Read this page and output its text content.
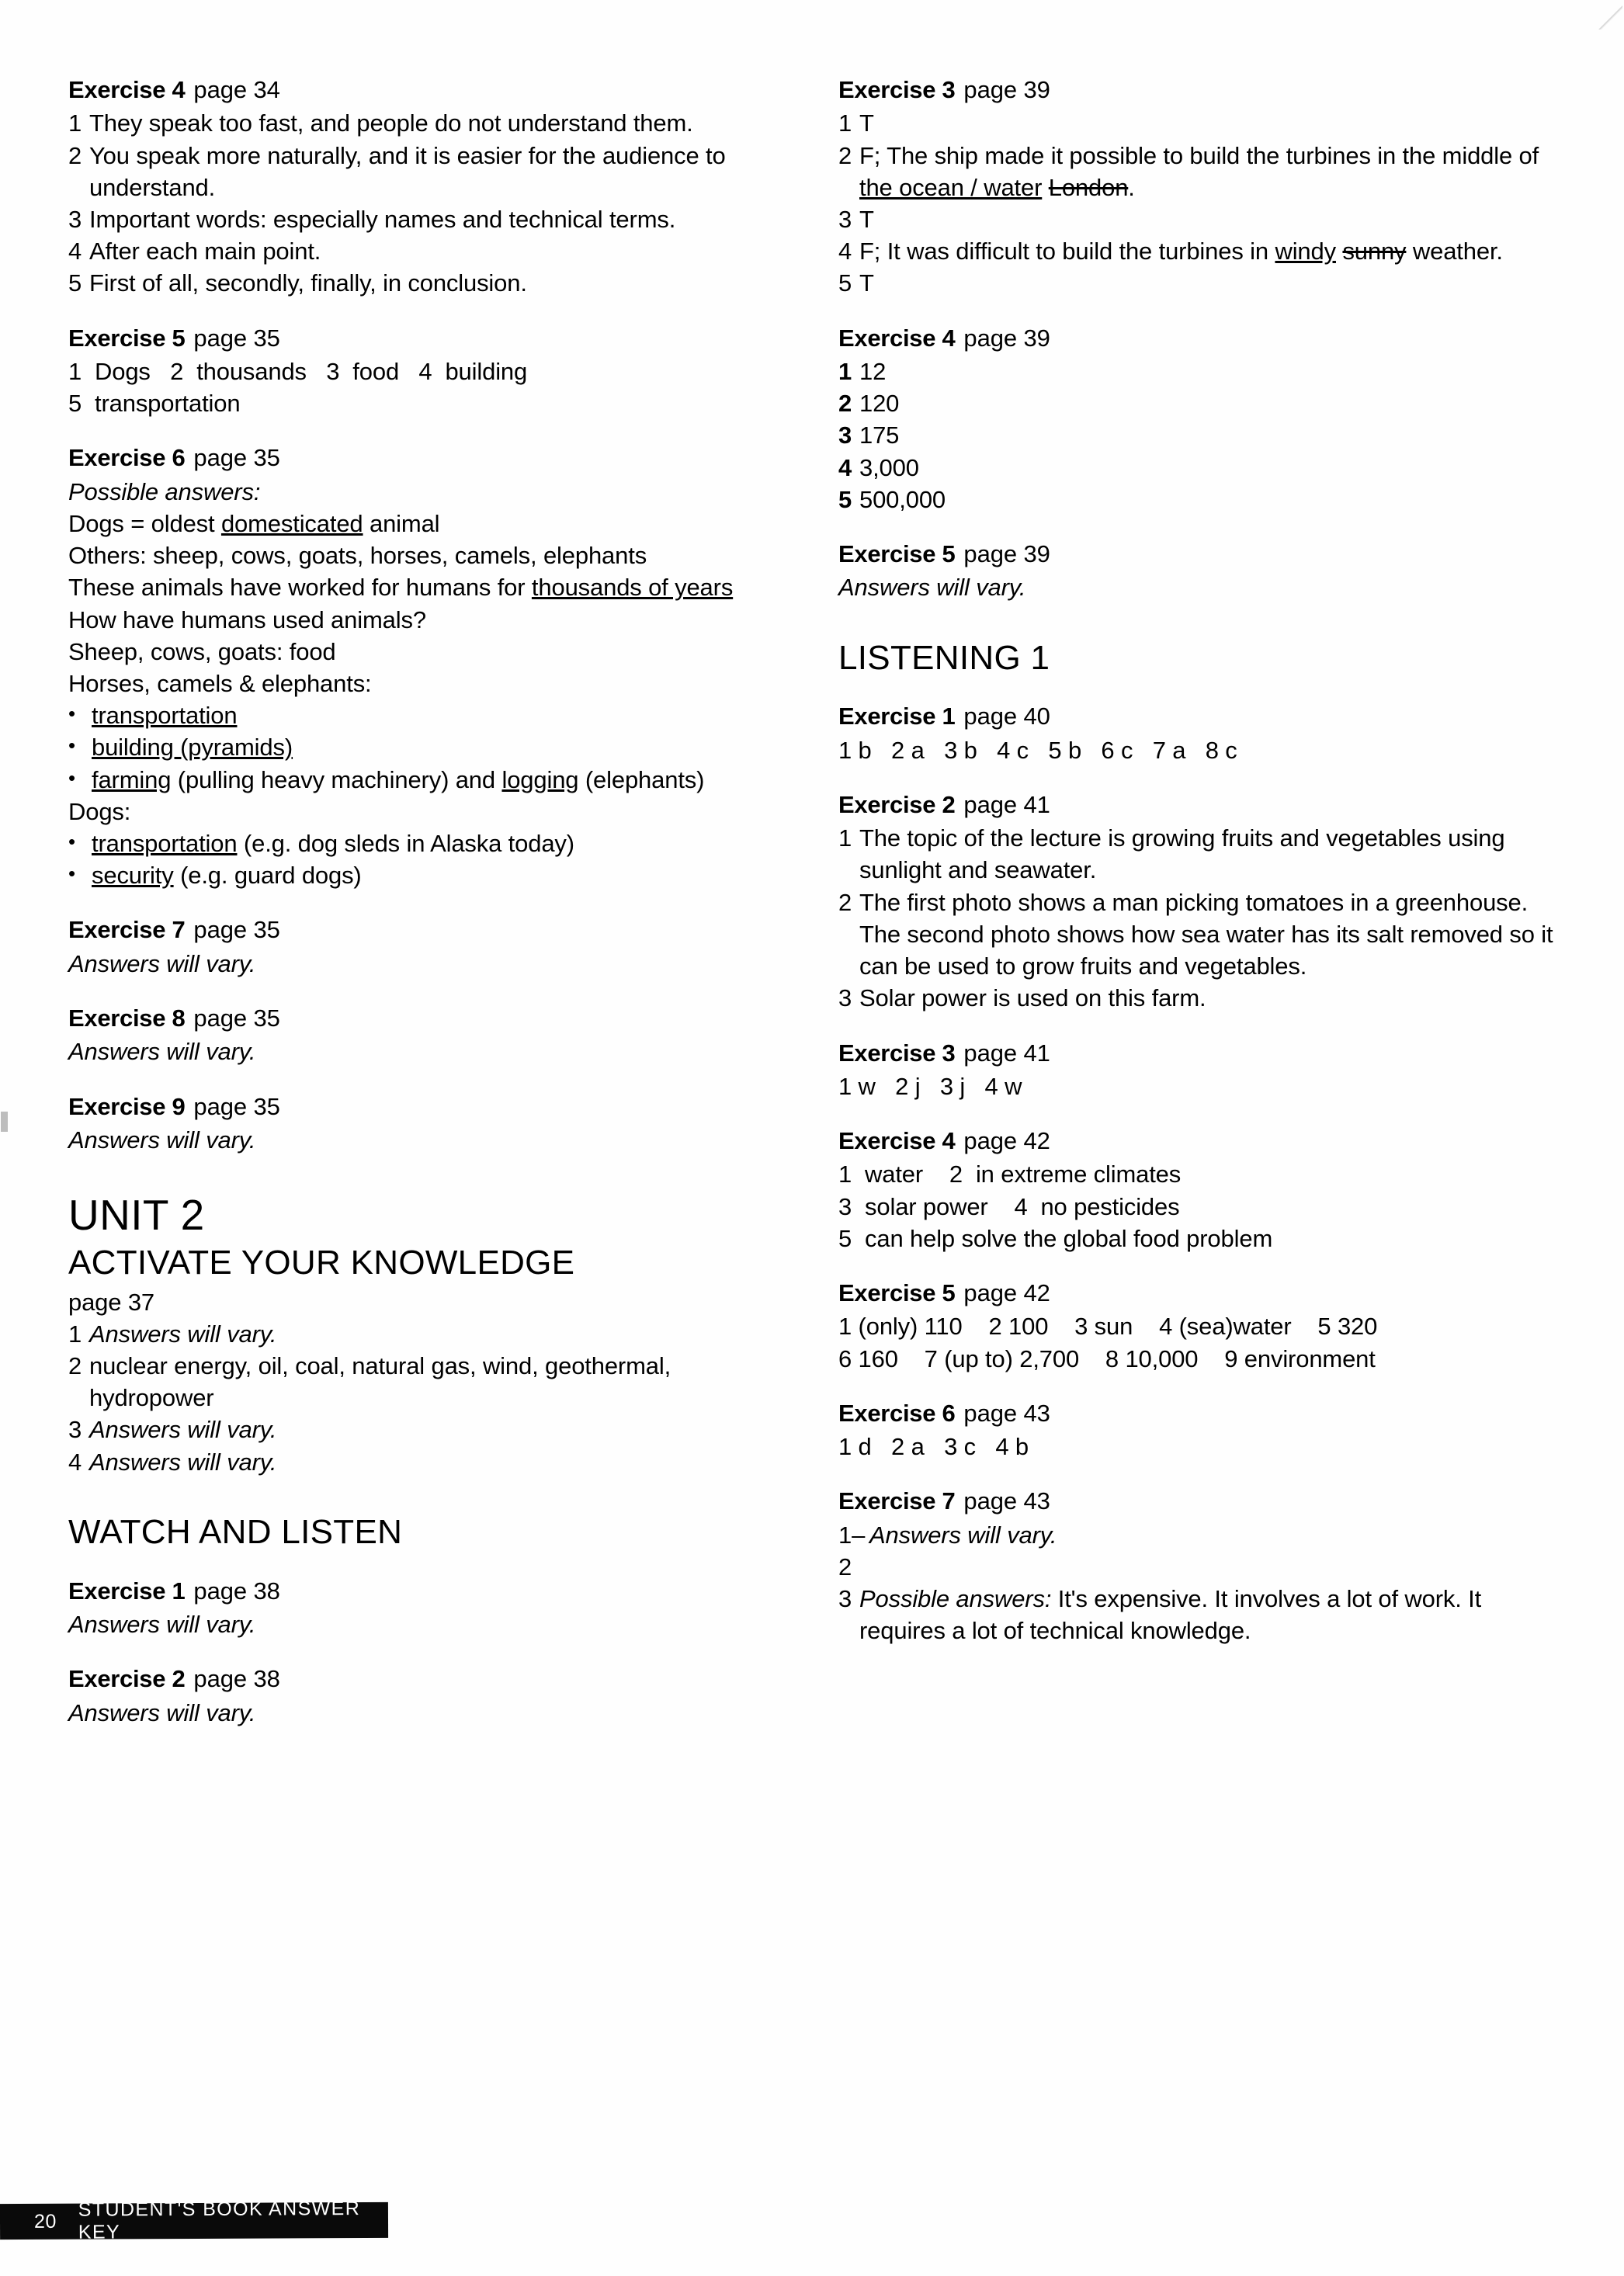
Exercise 4 page 34
1 They speak too fast, and people do not understand them.
2 You speak more naturally, and it is easier for the audience to understand.
3 Important words: especially names and technical terms.
4 After each main point.
5 First of all, secondly, finally, in conclusion.
Exercise 5 page 35
1  Dogs   2  thousands   3  food   4  building
5  transportation
Exercise 6 page 35
Possible answers:
Dogs = oldest domesticated animal
Others: sheep, cows, goats, horses, camels, elephants
These animals have worked for humans for thousands of years
How have humans used animals?
Sheep, cows, goats: food
Horses, camels & elephants:
• transportation
• building (pyramids)
• farming (pulling heavy machinery) and logging (elephants)
Dogs:
• transportation (e.g. dog sleds in Alaska today)
• security (e.g. guard dogs)
Exercise 7 page 35
Answers will vary.
Exercise 8 page 35
Answers will vary.
Exercise 9 page 35
Answers will vary.
UNIT 2
ACTIVATE YOUR KNOWLEDGE
page 37
1 Answers will vary.
2 nuclear energy, oil, coal, natural gas, wind, geothermal, hydropower
3 Answers will vary.
4 Answers will vary.
WATCH AND LISTEN
Exercise 1 page 38
Answers will vary.
Exercise 2 page 38
Answers will vary.
Exercise 3 page 39
1 T
2 F; The ship made it possible to build the turbines in the middle of the ocean / water London.
3 T
4 F; It was difficult to build the turbines in windy sunny weather.
5 T
Exercise 4 page 39
1 12
2 120
3 175
4 3,000
5 500,000
Exercise 5 page 39
Answers will vary.
LISTENING 1
Exercise 1 page 40
1 b   2 a   3 b   4 c   5 b   6 c   7 a   8 c
Exercise 2 page 41
1 The topic of the lecture is growing fruits and vegetables using sunlight and seawater.
2 The first photo shows a man picking tomatoes in a greenhouse. The second photo shows how sea water has its salt removed so it can be used to grow fruits and vegetables.
3 Solar power is used on this farm.
Exercise 3 page 41
1 w   2 j   3 j   4 w
Exercise 4 page 42
1  water    2  in extreme climates
3  solar power    4  no pesticides
5  can help solve the global food problem
Exercise 5 page 42
1 (only) 110    2 100    3 sun    4 (sea)water    5 320
6 160    7 (up to) 2,700    8 10,000    9 environment
Exercise 6 page 43
1 d   2 a   3 c   4 b
Exercise 7 page 43
1–2
Answers will vary.
3 Possible answers: It's expensive. It involves a lot of work. It requires a lot of technical knowledge.
20
STUDENT'S BOOK ANSWER KEY
